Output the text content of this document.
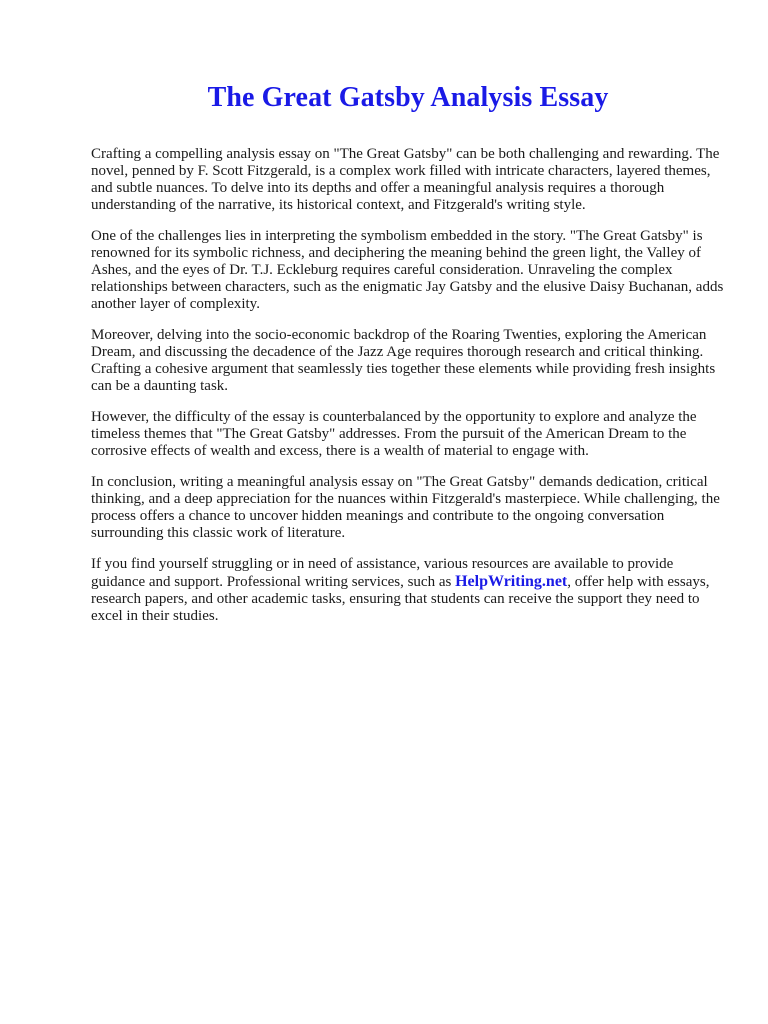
The Great Gatsby Analysis Essay

Crafting a compelling analysis essay on "The Great Gatsby" can be both challenging and rewarding. The novel, penned by F. Scott Fitzgerald, is a complex work filled with intricate characters, layered themes, and subtle nuances. To delve into its depths and offer a meaningful analysis requires a thorough understanding of the narrative, its historical context, and Fitzgerald's writing style.

One of the challenges lies in interpreting the symbolism embedded in the story. "The Great Gatsby" is renowned for its symbolic richness, and deciphering the meaning behind the green light, the Valley of Ashes, and the eyes of Dr. T.J. Eckleburg requires careful consideration. Unraveling the complex relationships between characters, such as the enigmatic Jay Gatsby and the elusive Daisy Buchanan, adds another layer of complexity.

Moreover, delving into the socio-economic backdrop of the Roaring Twenties, exploring the American Dream, and discussing the decadence of the Jazz Age requires thorough research and critical thinking. Crafting a cohesive argument that seamlessly ties together these elements while providing fresh insights can be a daunting task.

However, the difficulty of the essay is counterbalanced by the opportunity to explore and analyze the timeless themes that "The Great Gatsby" addresses. From the pursuit of the American Dream to the corrosive effects of wealth and excess, there is a wealth of material to engage with.

In conclusion, writing a meaningful analysis essay on "The Great Gatsby" demands dedication, critical thinking, and a deep appreciation for the nuances within Fitzgerald's masterpiece. While challenging, the process offers a chance to uncover hidden meanings and contribute to the ongoing conversation surrounding this classic work of literature.

If you find yourself struggling or in need of assistance, various resources are available to provide guidance and support. Professional writing services, such as HelpWriting.net, offer help with essays, research papers, and other academic tasks, ensuring that students can receive the support they need to excel in their studies.
